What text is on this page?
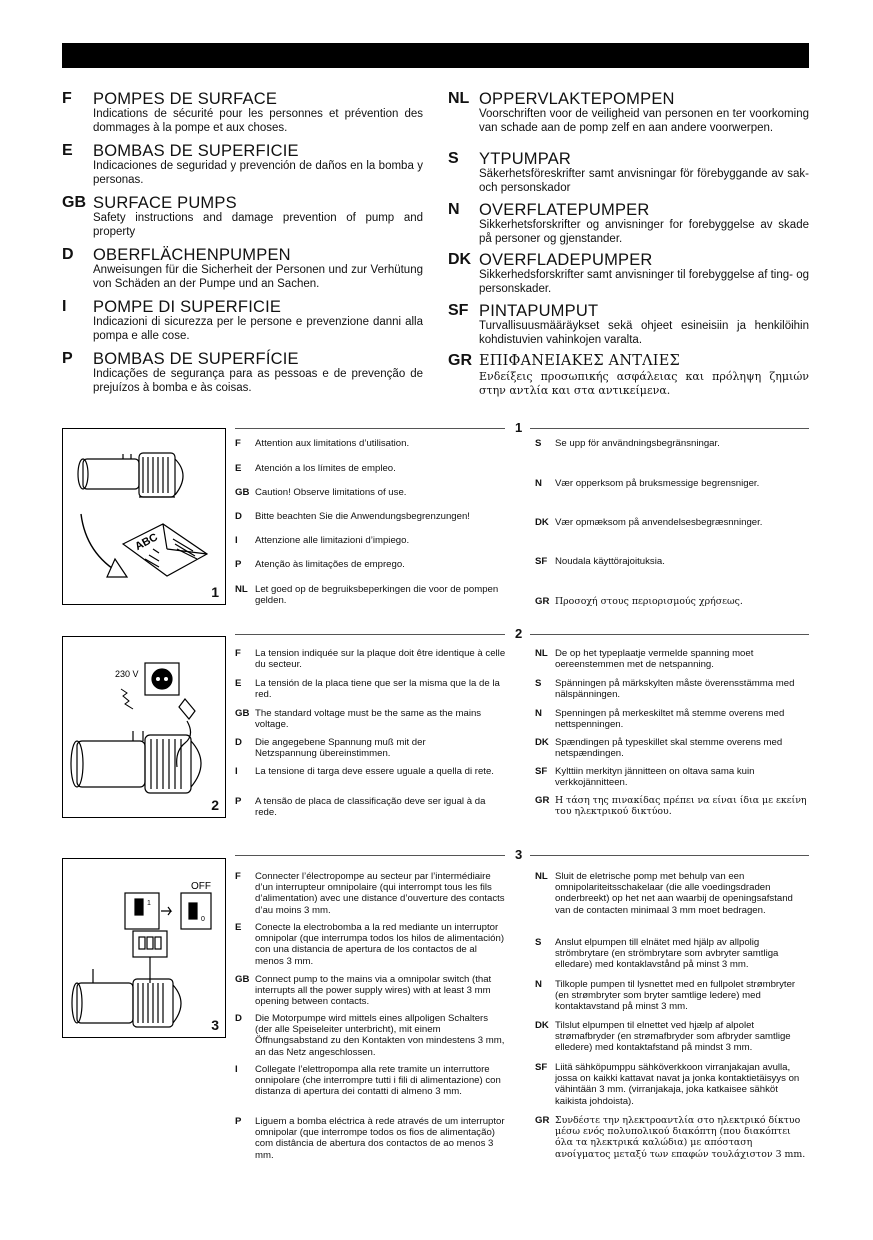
F POMPES DE SURFACE
Indications de sécurité pour les personnes et prévention des dommages à la pompe et aux choses.
E BOMBAS DE SUPERFICIE
Indicaciones de seguridad y prevención de daños en la bomba y personas.
GB SURFACE PUMPS
Safety instructions and damage prevention of pump and property
D OBERFLÄCHENPUMPEN
Anweisungen für die Sicherheit der Personen und zur Verhütung von Schäden an der Pumpe und an Sachen.
I POMPE DI SUPERFICIE
Indicazioni di sicurezza per le persone e prevenzione danni alla pompa e alle cose.
P BOMBAS DE SUPERFÍCIE
Indicações de segurança para as pessoas e de prevenção de prejuízos à bomba e às coisas.
NL OPPERVLAKTEPOMPEN
Voorschriften voor de veiligheid van personen en ter voorkoming van schade aan de pomp zelf en aan andere voorwerpen.
S YTPUMPAR
Säkerhetsföreskrifter samt anvisningar för förebyggande av sak-och personskador
N OVERFLATEPUMPER
Sikkerhetsforskrifter og anvisninger for forebyggelse av skade på personer og gjenstander.
DK OVERFLADEPUMPER
Sikkerhedsforskrifter samt anvisninger til forebyggelse af ting- og personskader.
SF PINTAPUMPUT
Turvallisuusmääräykset sekä ohjeet esineisiin ja henkilöihin kohdistuvien vahinkojen varalta.
GR ΕΠΙΦΑΝΕΙΑΚΕΣ ΑΝΤΛΙΕΣ
Ενδείξεις προσωπικής ασφάλειας και πρόληψη ζημιών στην αντλία και στα αντικείμενα.
1
ABC
1
F Attention aux limitations d’utilisation.
E Atención a los límites de empleo.
GB Caution! Observe limitations of use.
D Bitte beachten Sie die Anwendungsbegrenzungen!
I Attenzione alle limitazioni d’impiego.
P Atenção às limitações de emprego.
NL Let goed op de begruiksbeperkingen die voor de pompen gelden.
S Se upp för användningsbegränsningar.
N Vær opperksom på bruksmessige begrensniger.
DK Vær opmæksom på anvendelsesbegræsnninger.
SF Noudala käyttörajoituksia.
GR Προσοχή στους περιορισμούς χρήσεως.
2
230 V
2
F La tension indiquée sur la plaque doit être identique à celle du secteur.
E La tensión de la placa tiene que ser la misma que la de la red.
GB The standard voltage must be the same as the mains voltage.
D Die angegebene Spannung muß mit der Netzspannung übereinstimmen.
I La tensione di targa deve essere uguale a quella di rete.
P A tensão de placa de classificação deve ser igual à da rede.
NL De op het typeplaatje vermelde spanning moet oereenstemmen met de netspanning.
S Spänningen på märkskylten måste överensstämma med nälspänningen.
N Spenningen på merkeskiltet må stemme overens med nettspenningen.
DK Spændingen på typeskillet skal stemme overens med netspændingen.
SF Kylttiin merkityn jännitteen on oltava sama kuin verkkojännitteen.
GR Η τάση της πινακίδας πρέπει να είναι ίδια με εκείνη του ηλεκτρικού δικτύου.
3
OFF
1
0
3
F Connecter l’électropompe au secteur par l’intermédiaire d’un interrupteur omnipolaire (qui interrompt tous les fils d’alimentation) avec une distance d’ouverture des contacts d’au moins 3 mm.
E Conecte la electrobomba a la red mediante un interruptor omnipolar (que interrumpa todos los hilos de alimentación) con una distancia de apertura de los contactos de al menos 3 mm.
GB Connect pump to the mains via a omnipolar switch (that interrupts all the power supply wires) with at least 3 mm opening between contacts.
D Die Motorpumpe wird mittels eines allpoligen Schalters (der alle Speiseleiter unterbricht), mit einem Öffnungsabstand zu den Kontakten von mindestens 3 mm, an das Netz angeschlossen.
I Collegate l’elettropompa alla rete tramite un interruttore onnipolare (che interrompre tutti i fili di alimentazione) con distanza di apertura dei contatti di almeno 3 mm.
P Liguem a bomba eléctrica à rede através de um interruptor omnipolar (que interrompe todos os fios de alimentação) com distância de abertura dos contactos de ao menos 3 mm.
NL Sluit de eletrische pomp met behulp van een omnipolariteitsschakelaar (die alle voedingsdraden onderbreekt) op het net aan waarbij de openingsafstand van de contacten minimaal 3 mm moet bedragen.
S Anslut elpumpen till elnätet med hjälp av allpolig strömbrytare (en strömbrytare som avbryter samtliga elledare) med kontaklavstånd på minst 3 mm.
N Tilkople pumpen til lysnettet med en fullpolet strømbryter (en strømbryter som bryter samtlige ledere) med kontaktavstand på minst 3 mm.
DK Tilslut elpumpen til elnettet ved hjælp af alpolet strømafbryder (en strømafbryder som afbryder samtlige elledere) med kontaktafstand på mindst 3 mm.
SF Liitä sähköpumppu sähköverkkoon virranjakajan avulla, jossa on kaikki kattavat navat ja jonka kontaktietäisyys on vähintään 3 mm. (virranjakaja, joka katkaisee sähköt kaikista johdoista).
GR Συνδέστε την ηλεκτροαντλία στο ηλεκτρικό δίκτυο μέσω ενός πολυπολικού διακόπτη (που διακόπτει όλα τα ηλεκτρικά καλώδια) με απόσταση ανοίγματος μεταξύ των επαφών τουλάχιστον 3 mm.
